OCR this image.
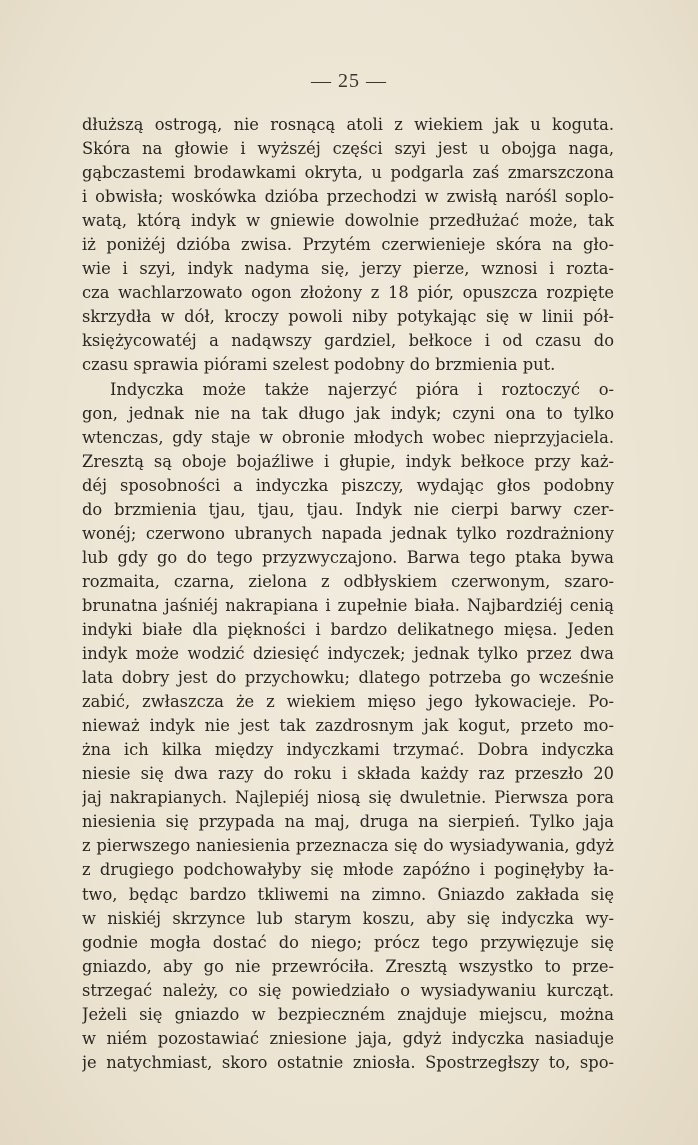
— 25 —
dłuższą ostrogą, nie rosnącą atoli z wiekiem jak u koguta.
Skóra na głowie i wyższéj części szyi jest u obojga naga,
gąbczastemi brodawkami okryta, u podgarla zaś zmarszczona
i obwisła; woskówka dzióba przechodzi w zwisłą naróśl soplo-
watą, którą indyk w gniewie dowolnie przedłużać może, tak
iż poniżéj dzióba zwisa. Przytém czerwienieje skóra na gło-
wie i szyi, indyk nadyma się, jerzy pierze, wznosi i rozta-
cza wachlarzowato ogon złożony z 18 piór, opuszcza rozpięte
skrzydła w dół, kroczy powoli niby potykając się w linii pół-
księżycowatéj a nadąwszy gardziel, bełkoce i od czasu do
czasu sprawia piórami szelest podobny do brzmienia put.
Indyczka może także najerzyć pióra i roztoczyć o-
gon, jednak nie na tak długo jak indyk; czyni ona to tylko
wtenczas, gdy staje w obronie młodych wobec nieprzyjaciela.
Zresztą są oboje bojaźliwe i głupie, indyk bełkoce przy każ-
déj sposobności a indyczka piszczy, wydając głos podobny
do brzmienia tjau, tjau, tjau. Indyk nie cierpi barwy czer-
wonéj; czerwono ubranych napada jednak tylko rozdrażniony
lub gdy go do tego przyzwyczajono. Barwa tego ptaka bywa
rozmaita, czarna, zielona z odbłyskiem czerwonym, szaro-
brunatna jaśniéj nakrapiana i zupełnie biała. Najbardziéj cenią
indyki białe dla piękności i bardzo delikatnego mięsa. Jeden
indyk może wodzić dziesięć indyczek; jednak tylko przez dwa
lata dobry jest do przychowku; dlatego potrzeba go wcześnie
zabić, zwłaszcza że z wiekiem mięso jego łykowacieje. Po-
nieważ indyk nie jest tak zazdrosnym jak kogut, przeto mo-
żna ich kilka między indyczkami trzymać. Dobra indyczka
niesie się dwa razy do roku i składa każdy raz przeszło 20
jaj nakrapianych. Najlepiéj niosą się dwuletnie. Pierwsza pora
niesienia się przypada na maj, druga na sierpień. Tylko jaja
z pierwszego naniesienia przeznacza się do wysiadywania, gdyż
z drugiego podchowałyby się młode zapóźno i poginęłyby ła-
two, będąc bardzo tkliwemi na zimno. Gniazdo zakłada się
w niskiéj skrzynce lub starym koszu, aby się indyczka wy-
godnie mogła dostać do niego; prócz tego przywięzuje się
gniazdo, aby go nie przewróciła. Zresztą wszystko to prze-
strzegać należy, co się powiedziało o wysiadywaniu kurcząt.
Jeżeli się gniazdo w bezpieczném znajduje miejscu, można
w niém pozostawiać zniesione jaja, gdyż indyczka nasiaduje
je natychmiast, skoro ostatnie zniosła. Spostrzegłszy to, spo-
